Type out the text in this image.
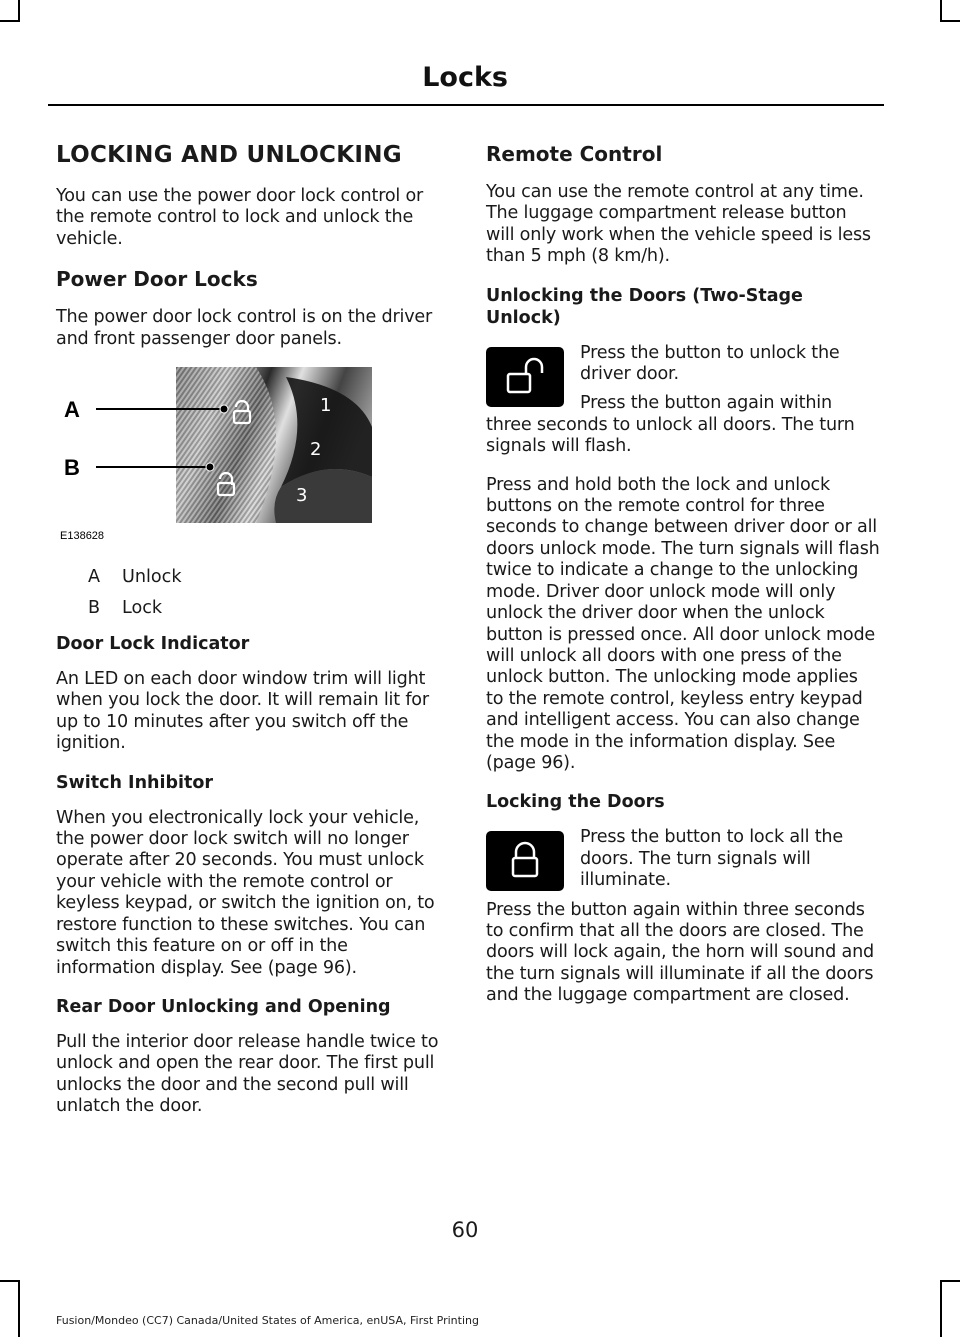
Locks
LOCKING AND UNLOCKING

You can use the power door lock control or the remote control to lock and unlock the vehicle.

Power Door Locks

The power door lock control is on the driver and front passenger door panels.

A
B
1
2
3
E138628
A	Unlock
B	Lock
Door Lock Indicator

An LED on each door window trim will light when you lock the door. It will remain lit for up to 10 minutes after you switch off the ignition.

Switch Inhibitor

When you electronically lock your vehicle, the power door lock switch will no longer operate after 20 seconds. You must unlock your vehicle with the remote control or keyless keypad, or switch the ignition on, to restore function to these switches. You can switch this feature on or off in the information display. See (page 96).

Rear Door Unlocking and Opening

Pull the interior door release handle twice to unlock and open the rear door. The first pull unlocks the door and the second pull will unlatch the door.

Remote Control

You can use the remote control at any time. The luggage compartment release button will only work when the vehicle speed is less than 5 mph (8 km/h).

Unlocking the Doors (Two-Stage Unlock)

Press the button to unlock the driver door.

Press the button again within three seconds to unlock all doors. The turn signals will flash.

Press and hold both the lock and unlock buttons on the remote control for three seconds to change between driver door or all doors unlock mode. The turn signals will flash twice to indicate a change to the unlocking mode. Driver door unlock mode will only unlock the driver door when the unlock button is pressed once. All door unlock mode will unlock all doors with one press of the unlock button. The unlocking mode applies to the remote control, keyless entry keypad and intelligent access. You can also change the mode in the information display. See (page 96).

Locking the Doors

Press the button to lock all the doors. The turn signals will illuminate.

Press the button again within three seconds to confirm that all the doors are closed. The doors will lock again, the horn will sound and the turn signals will illuminate if all the doors and the luggage compartment are closed.

60
Fusion/Mondeo (CC7) Canada/United States of America, enUSA, First Printing
